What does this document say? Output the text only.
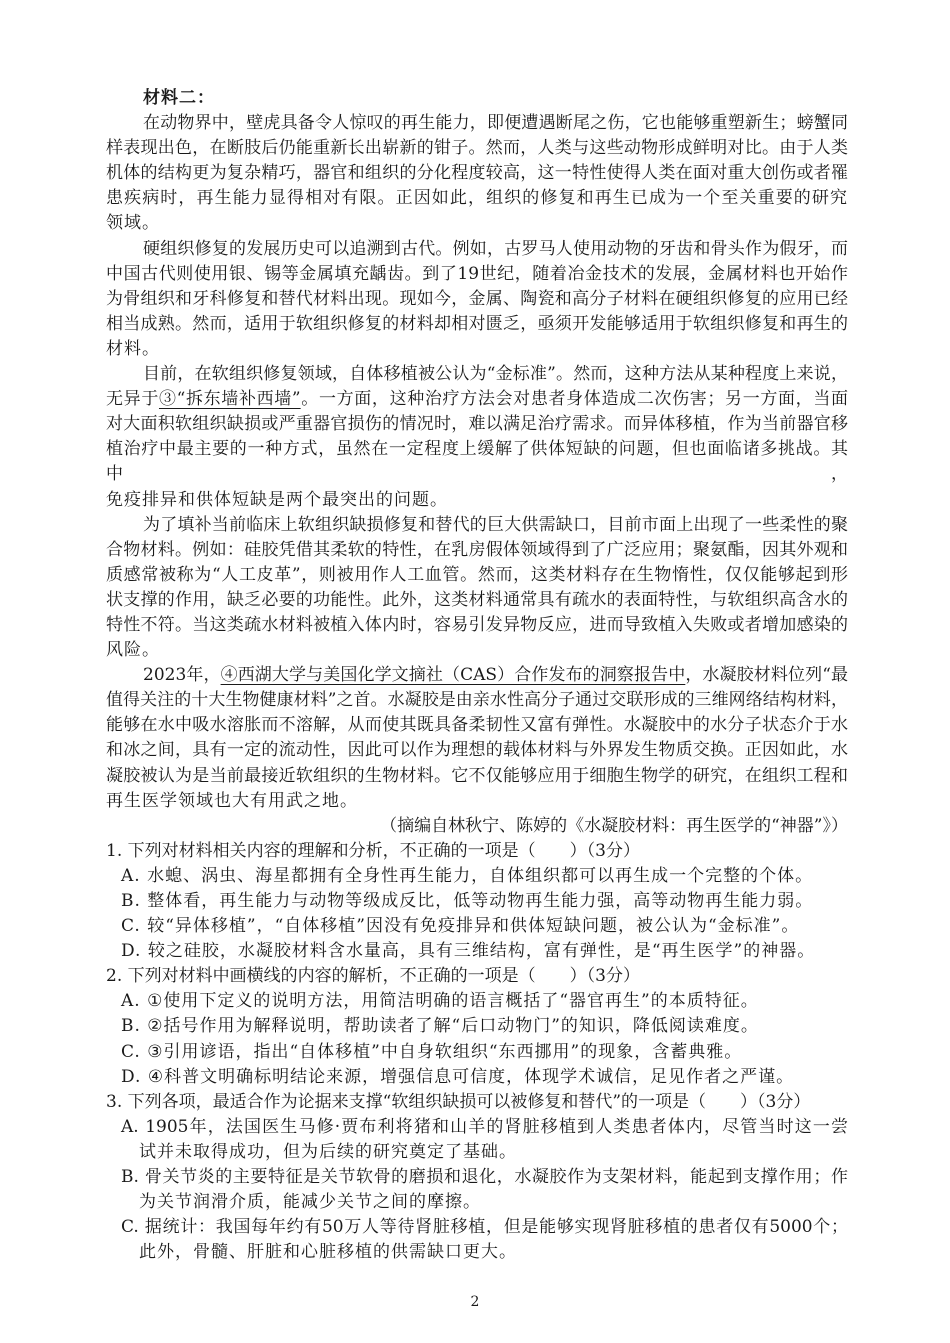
材料二：
在动物界中，壁虎具备令人惊叹的再生能力，即便遭遇断尾之伤，它也能够重塑新生；螃蟹同
样表现出色，在断肢后仍能重新长出崭新的钳子。然而，人类与这些动物形成鲜明对比。由于人类
机体的结构更为复杂精巧，器官和组织的分化程度较高，这一特性使得人类在面对重大创伤或者罹
患疾病时，再生能力显得相对有限。正因如此，组织的修复和再生已成为一个至关重要的研究领域。
硬组织修复的发展历史可以追溯到古代。例如，古罗马人使用动物的牙齿和骨头作为假牙，而
中国古代则使用银、锡等金属填充龋齿。到了19世纪，随着冶金技术的发展，金属材料也开始作
为骨组织和牙科修复和替代材料出现。现如今，金属、陶瓷和高分子材料在硬组织修复的应用已经
相当成熟。然而，适用于软组织修复的材料却相对匮乏，亟须开发能够适用于软组织修复和再生的
材料。
目前，在软组织修复领域，自体移植被公认为“金标准”。然而，这种方法从某种程度上来说，
无异于③“拆东墙补西墙”。一方面，这种治疗方法会对患者身体造成二次伤害；另一方面，当面
对大面积软组织缺损或严重器官损伤的情况时，难以满足治疗需求。而异体移植，作为当前器官移
植治疗中最主要的一种方式，虽然在一定程度上缓解了供体短缺的问题，但也面临诸多挑战。其中，
免疫排异和供体短缺是两个最突出的问题。
为了填补当前临床上软组织缺损修复和替代的巨大供需缺口，目前市面上出现了一些柔性的聚
合物材料。例如：硅胶凭借其柔软的特性，在乳房假体领域得到了广泛应用；聚氨酯，因其外观和
质感常被称为“人工皮革”，则被用作人工血管。然而，这类材料存在生物惰性，仅仅能够起到形
状支撑的作用，缺乏必要的功能性。此外，这类材料通常具有疏水的表面特性，与软组织高含水的
特性不符。当这类疏水材料被植入体内时，容易引发异物反应，进而导致植入失败或者增加感染的
风险。
2023年，④西湖大学与美国化学文摘社（CAS）合作发布的洞察报告中，水凝胶材料位列“最
值得关注的十大生物健康材料”之首。水凝胶是由亲水性高分子通过交联形成的三维网络结构材料，
能够在水中吸水溶胀而不溶解，从而使其既具备柔韧性又富有弹性。水凝胶中的水分子状态介于水
和冰之间，具有一定的流动性，因此可以作为理想的载体材料与外界发生物质交换。正因如此，水
凝胶被认为是当前最接近软组织的生物材料。它不仅能够应用于细胞生物学的研究，在组织工程和
再生医学领域也大有用武之地。
（摘编自林秋宁、陈婷的《水凝胶材料：再生医学的“神器”》）
1. 下列对材料相关内容的理解和分析，不正确的一项是（　　）（3分）
A. 水螅、涡虫、海星都拥有全身性再生能力，自体组织都可以再生成一个完整的个体。
B. 整体看，再生能力与动物等级成反比，低等动物再生能力强，高等动物再生能力弱。
C. 较“异体移植”，“自体移植”因没有免疫排异和供体短缺问题，被公认为“金标准”。
D. 较之硅胶，水凝胶材料含水量高，具有三维结构，富有弹性，是“再生医学”的神器。
2. 下列对材料中画横线的内容的解析，不正确的一项是（　　）（3分）
A. ①使用下定义的说明方法，用简洁明确的语言概括了“器官再生”的本质特征。
B. ②括号作用为解释说明，帮助读者了解“后口动物门”的知识，降低阅读难度。
C. ③引用谚语，指出“自体移植”中自身软组织“东西挪用”的现象，含蓄典雅。
D. ④科普文明确标明结论来源，增强信息可信度，体现学术诚信，足见作者之严谨。
3. 下列各项，最适合作为论据来支撑“软组织缺损可以被修复和替代”的一项是（　　）（3分）
A. 1905年，法国医生马修·贾布利将猪和山羊的肾脏移植到人类患者体内，尽管当时这一尝
试并未取得成功，但为后续的研究奠定了基础。
B. 骨关节炎的主要特征是关节软骨的磨损和退化，水凝胶作为支架材料，能起到支撑作用；作
为关节润滑介质，能减少关节之间的摩擦。
C. 据统计：我国每年约有50万人等待肾脏移植，但是能够实现肾脏移植的患者仅有5000个；
此外，骨髓、肝脏和心脏移植的供需缺口更大。
2
